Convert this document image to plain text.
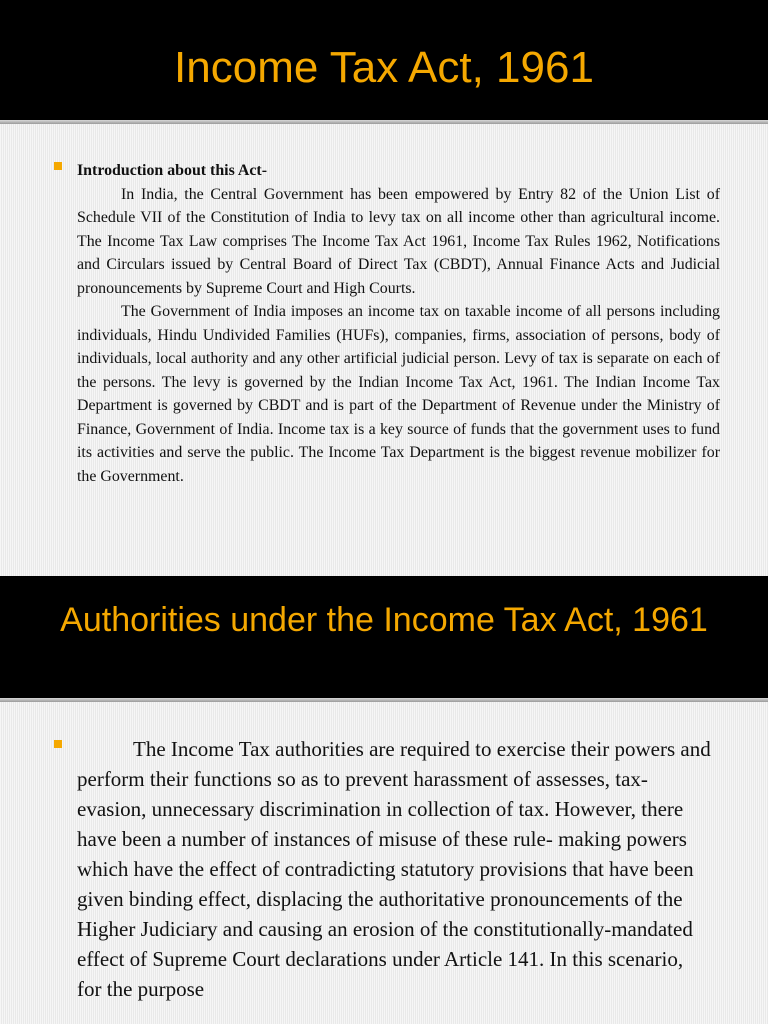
Income Tax Act, 1961

Introduction about this Act-

In India, the Central Government has been empowered by Entry 82 of the Union List of Schedule VII of the Constitution of India to levy tax on all income other than agricultural income. The Income Tax Law comprises The Income Tax Act 1961, Income Tax Rules 1962, Notifications and Circulars issued by Central Board of Direct Tax (CBDT), Annual Finance Acts and Judicial pronouncements by Supreme Court and High Courts.

The Government of India imposes an income tax on taxable income of all persons including individuals, Hindu Undivided Families (HUFs), companies, firms, association of persons, body of individuals, local authority and any other artificial judicial person. Levy of tax is separate on each of the persons. The levy is governed by the Indian Income Tax Act, 1961. The Indian Income Tax Department is governed by CBDT and is part of the Department of Revenue under the Ministry of Finance, Government of India. Income tax is a key source of funds that the government uses to fund its activities and serve the public. The Income Tax Department is the biggest revenue mobilizer for the Government.

Authorities under the Income Tax Act, 1961

The Income Tax authorities are required to exercise their powers and perform their functions so as to prevent harassment of assesses, tax-evasion, unnecessary discrimination in collection of tax. However, there have been a number of instances of misuse of these rule- making powers which have the effect of contradicting statutory provisions that have been given binding effect, displacing the authoritative pronouncements of the Higher Judiciary and causing an erosion of the constitutionally-mandated effect of Supreme Court declarations under Article 141. In this scenario, for the purpose
